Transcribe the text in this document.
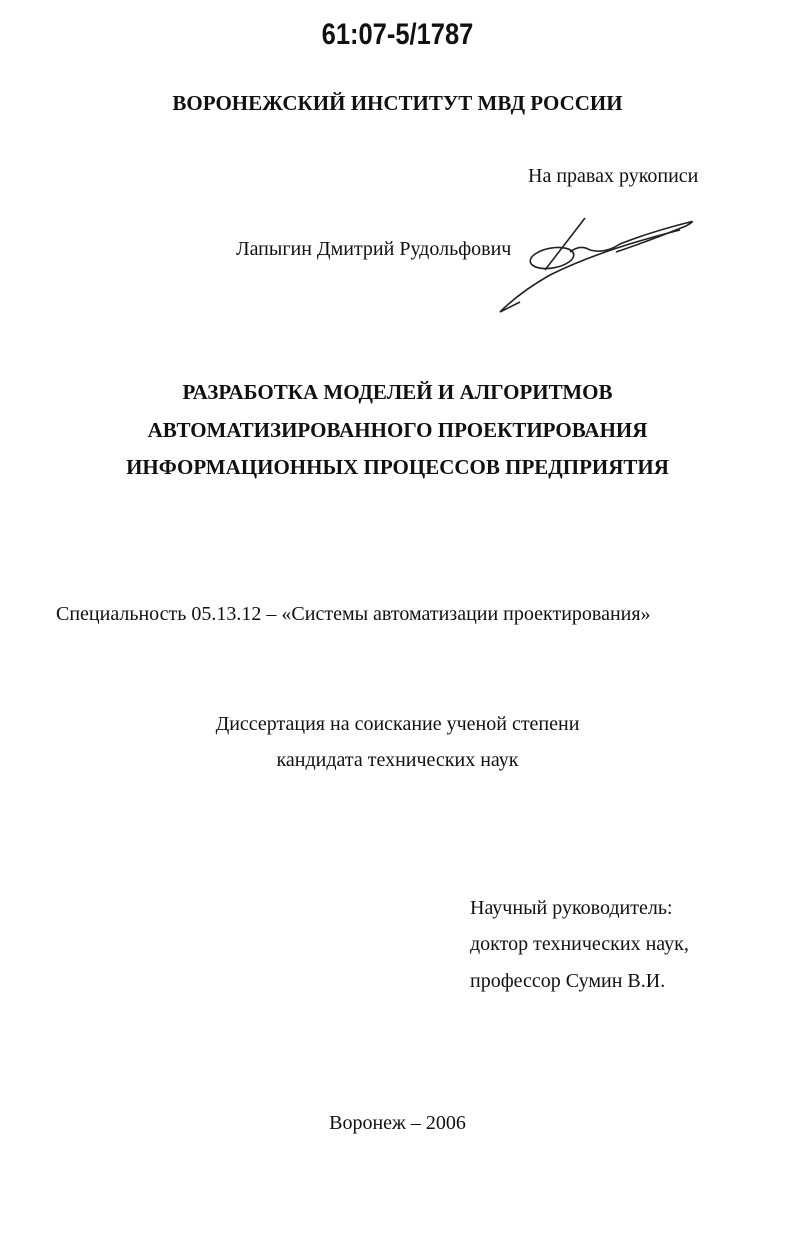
61:07-5/1787
ВОРОНЕЖСКИЙ ИНСТИТУТ МВД РОССИИ
На правах рукописи
Лапыгин Дмитрий Рудольфович
РАЗРАБОТКА МОДЕЛЕЙ И АЛГОРИТМОВ
АВТОМАТИЗИРОВАННОГО ПРОЕКТИРОВАНИЯ
ИНФОРМАЦИОННЫХ ПРОЦЕССОВ ПРЕДПРИЯТИЯ
Специальность 05.13.12 – «Системы автоматизации проектирования»
Диссертация на соискание ученой степени
кандидата технических наук
Научный руководитель:
доктор технических наук,
профессор Сумин В.И.
Воронеж – 2006
